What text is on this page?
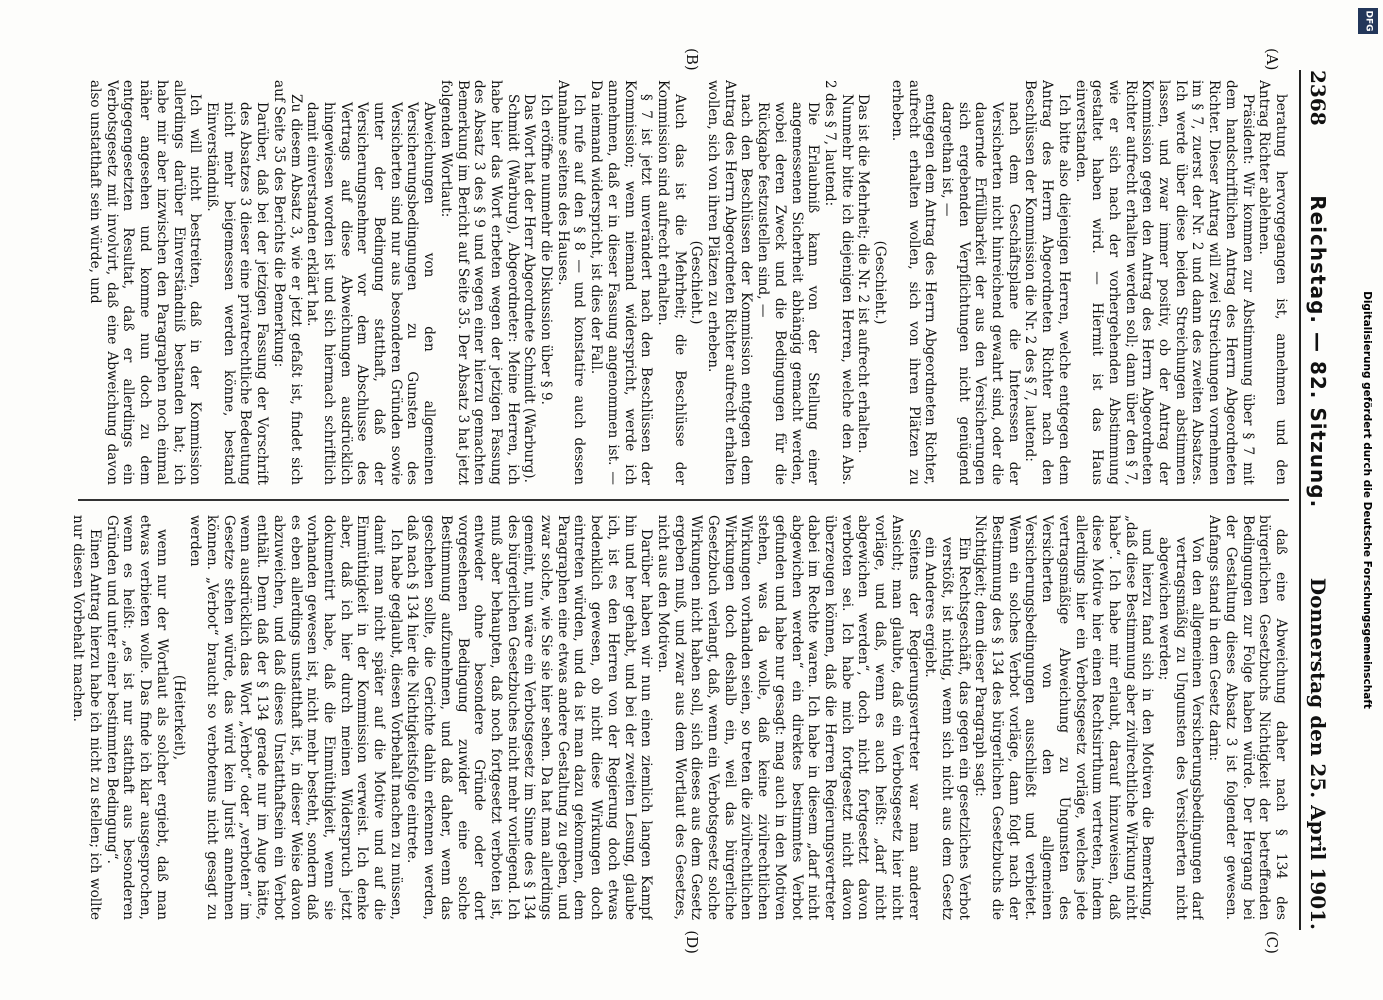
2368
Reichstag. — 82. Sitzung.
Donnerstag den 25. April 1901.

beratung hervorgegangen ist, annehmen und den Antrag Richter ablehnen.

Präsident: Wir kommen zur Abstimmung über § 7 mit dem handschriftlichen Antrag des Herrn Abgeordneten Richter. Dieser Antrag will zwei Streichungen vornehmen im § 7, zuerst der Nr. 2 und dann des zweiten Absatzes. Ich werde über diese beiden Streichungen abstimmen lassen, und zwar immer positiv, ob der Antrag der Kommission gegen den Antrag des Herrn Abgeordneten Richter aufrecht erhalten werden soll; dann über den § 7, wie er sich nach der vorhergehenden Abstimmung gestaltet haben wird. — Hiermit ist das Haus einverstanden.

Ich bitte also diejenigen Herren, welche entgegen dem Antrag des Herrn Abgeordneten Richter nach den Beschlüssen der Kommission die Nr. 2 des § 7, lautend:

nach dem Geschäftsplane die Interessen der Versicherten nicht hinreichend gewahrt sind, oder die dauernde Erfüllbarkeit der aus den Versicherungen sich ergebenden Verpflichtungen nicht genügend dargethan ist, —

entgegen dem Antrag des Herrn Abgeordneten Richter, aufrecht erhalten wollen, sich von ihren Plätzen zu erheben.

(Geschieht.)

Das ist die Mehrheit; die Nr. 2 ist aufrecht erhalten.

Nunmehr bitte ich diejenigen Herren, welche den Abs. 2 des § 7, lautend:

Die Erlaubniß kann von der Stellung einer angemessenen Sicherheit abhängig gemacht werden, wobei deren Zweck und die Bedingungen für die Rückgabe festzustellen sind, —

nach den Beschlüssen der Kommission entgegen dem Antrag des Herrn Abgeordneten Richter aufrecht erhalten wollen, sich von ihren Plätzen zu erheben.

(Geschieht.)

Auch das ist die Mehrheit; die Beschlüsse der Kommission sind aufrecht erhalten.

§ 7 ist jetzt unverändert nach den Beschlüssen der Kommission; wenn niemand widerspricht, werde ich annehmen, daß er in dieser Fassung angenommen ist. — Da niemand widerspricht, ist dies der Fall.

Ich rufe auf den § 8 — und konstatire auch dessen Annahme seitens des Hauses.

Ich eröffne nunmehr die Diskussion über § 9.

Das Wort hat der Herr Abgeordnete Schmidt (Warburg).

Schmidt (Warburg), Abgeordneter: Meine Herren, ich habe hier das Wort erbeten wegen der jetzigen Fassung des Absatz 3 des § 9 und wegen einer hierzu gemachten Bemerkung im Bericht auf Seite 35. Der Absatz 3 hat jetzt folgenden Wortlaut:

Abweichungen von den allgemeinen Versicherungsbedingungen zu Gunsten des Versicherten sind nur aus besonderen Gründen sowie unter der Bedingung statthaft, daß der Versicherungsnehmer vor dem Abschlusse des Vertrags auf diese Abweichungen ausdrücklich hingewiesen worden ist und sich hiermach schriftlich damit einverstanden erklärt hat.

Zu diesem Absatz 3, wie er jetzt gefaßt ist, findet sich auf Seite 35 des Berichts die Bemerkung:

Darüber, daß bei der jetzigen Fassung der Vorschrift des Absatzes 3 dieser eine privatrechtliche Bedeutung nicht mehr beigemessen werden könne, bestand Einverständniß.

Ich will nicht bestreiten, daß in der Kommission allerdings darüber Einverständniß bestanden hat; ich habe mir aber inzwischen den Paragraphen noch einmal näher angesehen und komme nun doch zu dem entgegengesetzten Resultat, daß er allerdings ein Verbotsgesetz mit involvirt, daß eine Abweichung davon also unstatthaft sein würde, und

daß eine Abweichung daher nach § 134 des bürgerlichen Gesetzbuchs Nichtigkeit der betreffenden Bedingungen zur Folge haben würde. Der Hergang bei der Gestaltung dieses Absatz 3 ist folgender gewesen. Anfangs stand in dem Gesetz darin:

Von den allgemeinen Versicherungsbedingungen darf vertragsmäßig zu Ungunsten des Versicherten nicht abgewichen werden;

und hierzu fand sich in den Motiven die Bemerkung, „daß diese Bestimmung aber zivilrechtliche Wirkung nicht habe“. Ich habe mir erlaubt, darauf hinzuweisen, daß diese Motive hier einen Rechtsirrthum vertreten, indem allerdings hier ein Verbotsgesetz vorläge, welches jede vertragsmäßige Abweichung zu Ungunsten des Versicherten von den allgemeinen Versicherungsbedingungen ausschließt und verbietet. Wenn ein solches Verbot vorläge, dann folgt nach der Bestimmung des § 134 des bürgerlichen Gesetzbuchs die Nichtigkeit; denn dieser Paragraph sagt:

Ein Rechtsgeschäft, das gegen ein gesetzliches Verbot verstößt, ist nichtig, wenn sich nicht aus dem Gesetz ein Anderes ergiebt.

Seitens der Regierungsvertreter war man anderer Ansicht; man glaubte, daß ein Verbotsgesetz hier nicht vorläge, und daß, wenn es auch heißt: „darf nicht abgewichen werden“, doch nicht fortgesetzt davon verboten sei. Ich habe mich fortgesetzt nicht davon überzeugen können, daß die Herren Regierungsvertreter dabei im Rechte waren. Ich habe in diesem „darf nicht abgewichen werden“ ein direktes bestimmtes Verbot gefunden und habe nur gesagt: mag auch in den Motiven stehen, was da wolle, daß keine zivilrechtlichen Wirkungen vorhanden seien, so treten die zivilrechtlichen Wirkungen doch deshalb ein, weil das bürgerliche Gesetzbuch verlangt, daß, wenn ein Verbotsgesetz solche Wirkungen nicht haben soll, sich dieses aus dem Gesetz ergeben muß, und zwar aus dem Wortlaut des Gesetzes, nicht aus den Motiven.

Darüber haben wir nun einen ziemlich langen Kampf hin und her gehabt, und bei der zweiten Lesung, glaube ich, ist es den Herren von der Regierung doch etwas bedenklich gewesen, ob nicht diese Wirkungen doch eintreten würden, und da ist man dazu gekommen, dem Paragraphen eine etwas andere Gestaltung zu geben, und zwar solche, wie Sie sie hier sehen. Da hat man allerdings gemeint, nun wäre ein Verbotsgesetz im Sinne des § 134 des bürgerlichen Gesetzbuches nicht mehr vorliegend. Ich muß aber behaupten, daß noch fortgesetzt verboten ist, entweder ohne besondere Gründe oder dort vorgesehenen Bedingung zuwider eine solche Bestimmung aufzunehmen, und daß daher, wenn das geschehen sollte, die Gerichte dahin erkennen werden, daß nach § 134 hier die Nichtigkeitsfolge eintrete.

Ich habe geglaubt, diesen Vorbehalt machen zu müssen, damit man nicht später auf die Motive und auf die Einmüthigkeit in der Kommission verweist. Ich denke aber, daß ich hier durch meinen Widerspruch jetzt dokumentirt habe, daß die Einmüthigkeit, wenn sie vorhanden gewesen ist, nicht mehr besteht, sondern daß es eben allerdings unstatthaft ist, in dieser Weise davon abzuweichen, und daß dieses Unstatthaftsein ein Verbot enthält. Denn daß der § 134 gerade nur im Auge hätte, wenn ausdrücklich das Wort „Verbot“ oder „verboten“ im Gesetze stehen würde, das wird kein Jurist annehmen können. „Verbot“ braucht so verbotenus nicht gesagt zu werden

(Heiterkeit),

wenn nur der Wortlaut als solcher ergiebt, daß man etwas verbieten wolle. Das finde ich klar ausgesprochen, wenn es heißt: „es ist nur statthaft aus besonderen Gründen und unter einer bestimmten Bedingung“.

Einen Antrag hierzu habe ich nicht zu stellen; ich wollte nur diesen Vorbehalt machen.

(A)
(B)
(C)
(D)
DFG
Digitalisierung gefördert durch die Deutsche Forschungsgemeinschaft
